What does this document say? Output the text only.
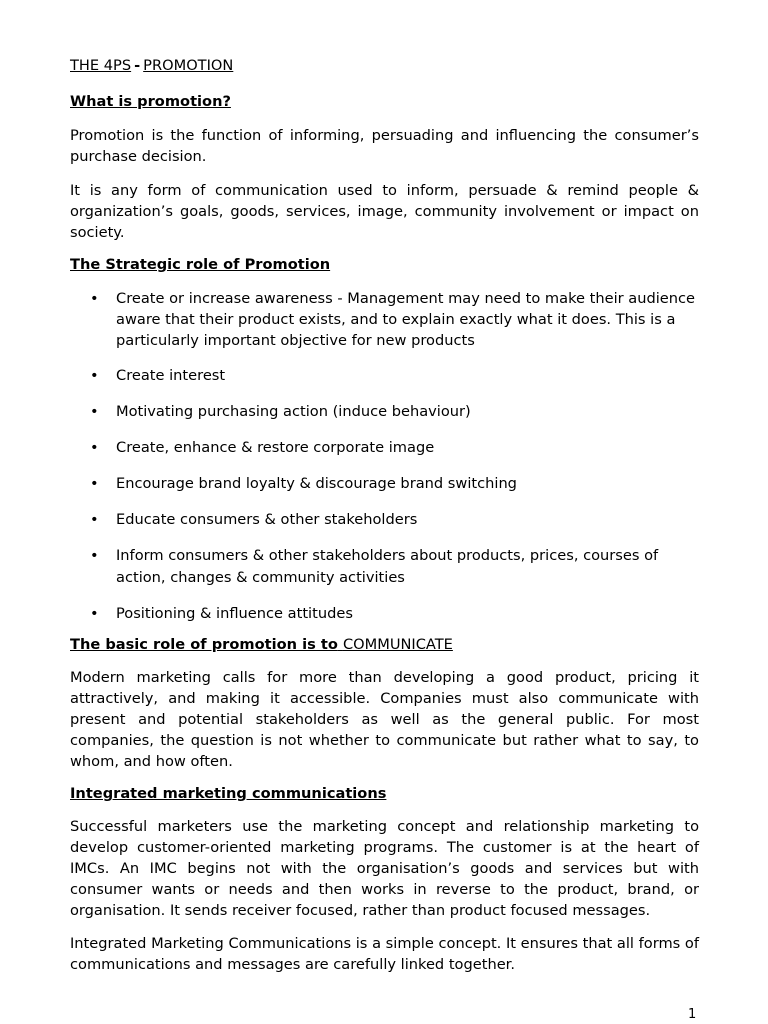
THE 4PS - PROMOTION
What is promotion?

Promotion is the function of informing, persuading and influencing the consumer’s purchase decision.

It is any form of communication used to inform, persuade & remind people & organization’s goals, goods, services, image, community involvement or impact on society.

The Strategic role of Promotion
• Create or increase awareness - Management may need to make their audience aware that their product exists, and to explain exactly what it does. This is a particularly important objective for new products
• Create interest
• Motivating purchasing action (induce behaviour)
• Create, enhance & restore corporate image
• Encourage brand loyalty & discourage brand switching
• Educate consumers & other stakeholders
• Inform consumers & other stakeholders about products, prices, courses of action, changes & community activities
• Positioning & influence attitudes
The basic role of promotion is to COMMUNICATE

Modern marketing calls for more than developing a good product, pricing it attractively, and making it accessible. Companies must also communicate with present and potential stakeholders as well as the general public. For most companies, the question is not whether to communicate but rather what to say, to whom, and how often.

Integrated marketing communications

Successful marketers use the marketing concept and relationship marketing to develop customer-oriented marketing programs. The customer is at the heart of IMCs. An IMC begins not with the organisation’s goods and services but with consumer wants or needs and then works in reverse to the product, brand, or organisation. It sends receiver focused, rather than product focused messages.

Integrated Marketing Communications is a simple concept. It ensures that all forms of communications and messages are carefully linked together.

1
